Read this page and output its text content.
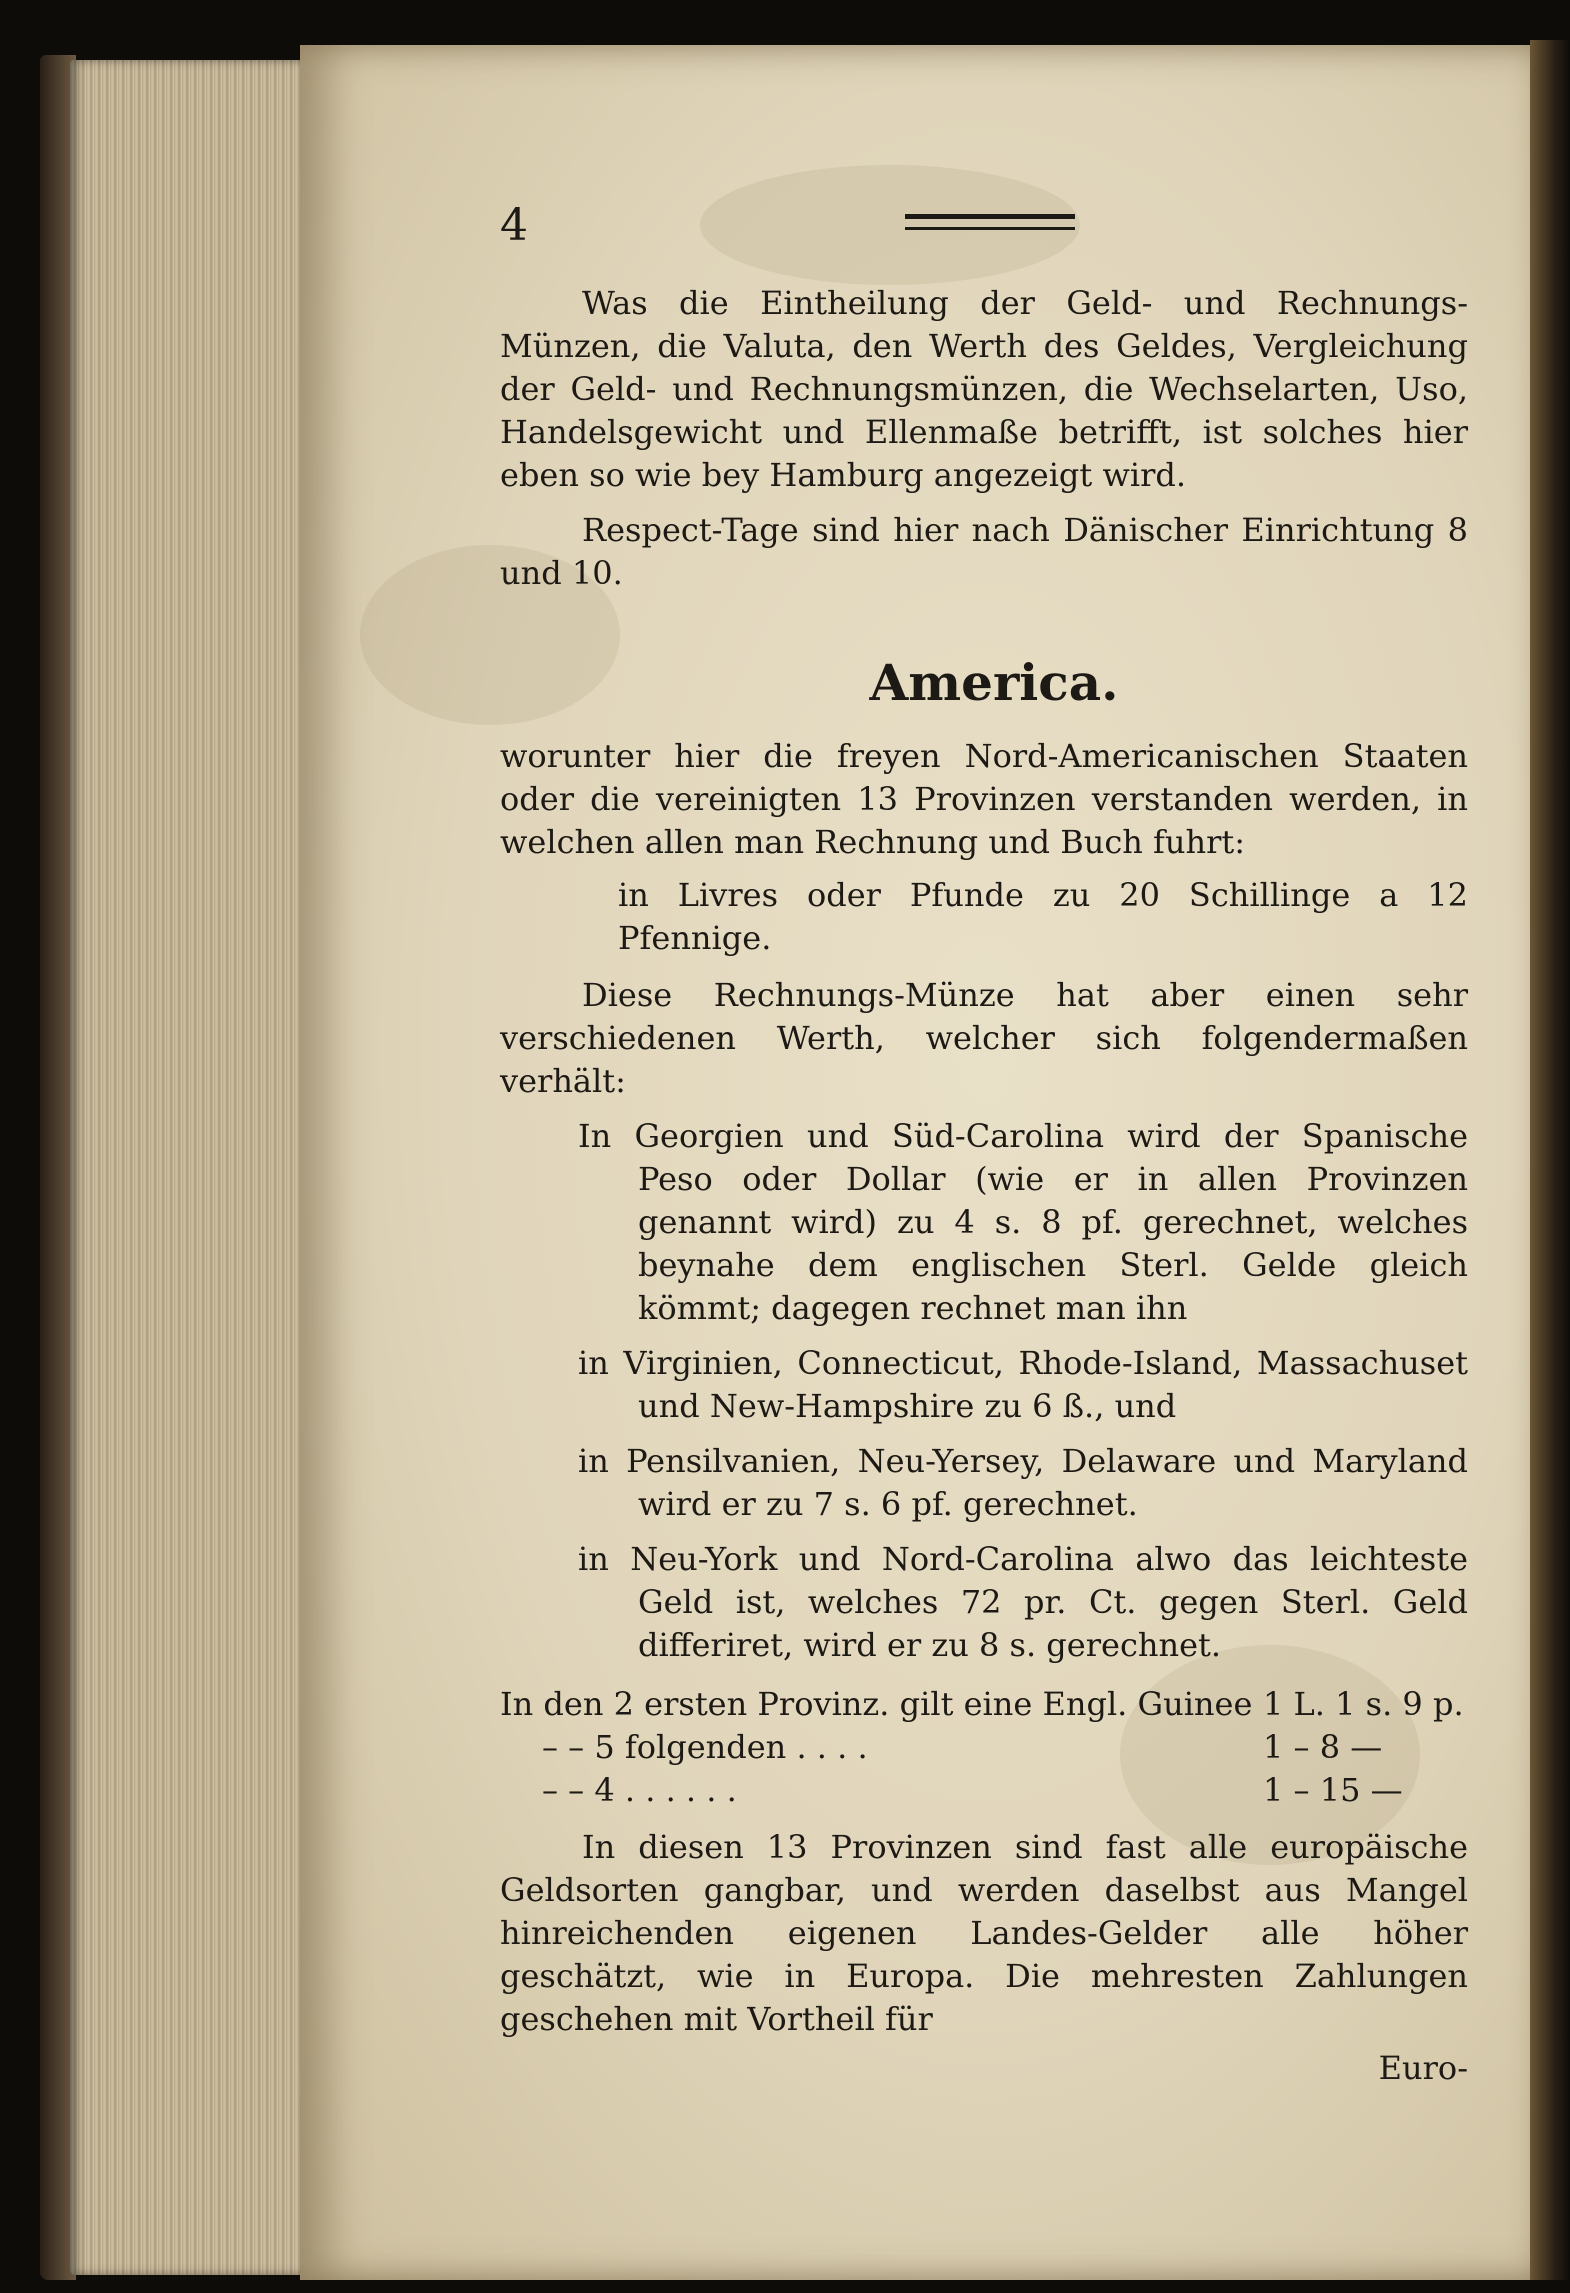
4

Was die Eintheilung der Geld- und Rechnungs-Münzen, die Valuta, den Werth des Geldes, Vergleichung der Geld- und Rechnungsmünzen, die Wechselarten, Uso, Handelsgewicht und Ellenmaße betrifft, ist solches hier eben so wie bey Hamburg angezeigt wird.

Respect-Tage sind hier nach Dänischer Einrichtung 8 und 10.

America.

worunter hier die freyen Nord-Americanischen Staaten oder die vereinigten 13 Provinzen verstanden werden, in welchen allen man Rechnung und Buch fuhrt:

in Livres oder Pfunde zu 20 Schillinge a 12 Pfennige.

Diese Rechnungs-Münze hat aber einen sehr verschiedenen Werth, welcher sich folgendermaßen verhält:

In Georgien und Süd-Carolina wird der Spanische Peso oder Dollar (wie er in allen Provinzen genannt wird) zu 4 s. 8 pf. gerechnet, welches beynahe dem englischen Sterl. Gelde gleich kömmt; dagegen rechnet man ihn

in Virginien, Connecticut, Rhode-Island, Massachuset und New-Hampshire zu 6 ß., und

in Pensilvanien, Neu-Yersey, Delaware und Maryland wird er zu 7 s. 6 pf. gerechnet.

in Neu-York und Nord-Carolina alwo das leichteste Geld ist, welches 72 pr. Ct. gegen Sterl. Geld differiret, wird er zu 8 s. gerechnet.

In den 2 ersten Provinz. gilt eine Engl. Guinee	1 L. 1 s. 9 p.
– – 5 folgenden . . . .	1 – 8 —
– – 4 . . . . . .	1 – 15 —

In diesen 13 Provinzen sind fast alle europäische Geldsorten gangbar, und werden daselbst aus Mangel hinreichenden eigenen Landes-Gelder alle höher geschätzt, wie in Europa. Die mehresten Zahlungen geschehen mit Vortheil für

Euro-
